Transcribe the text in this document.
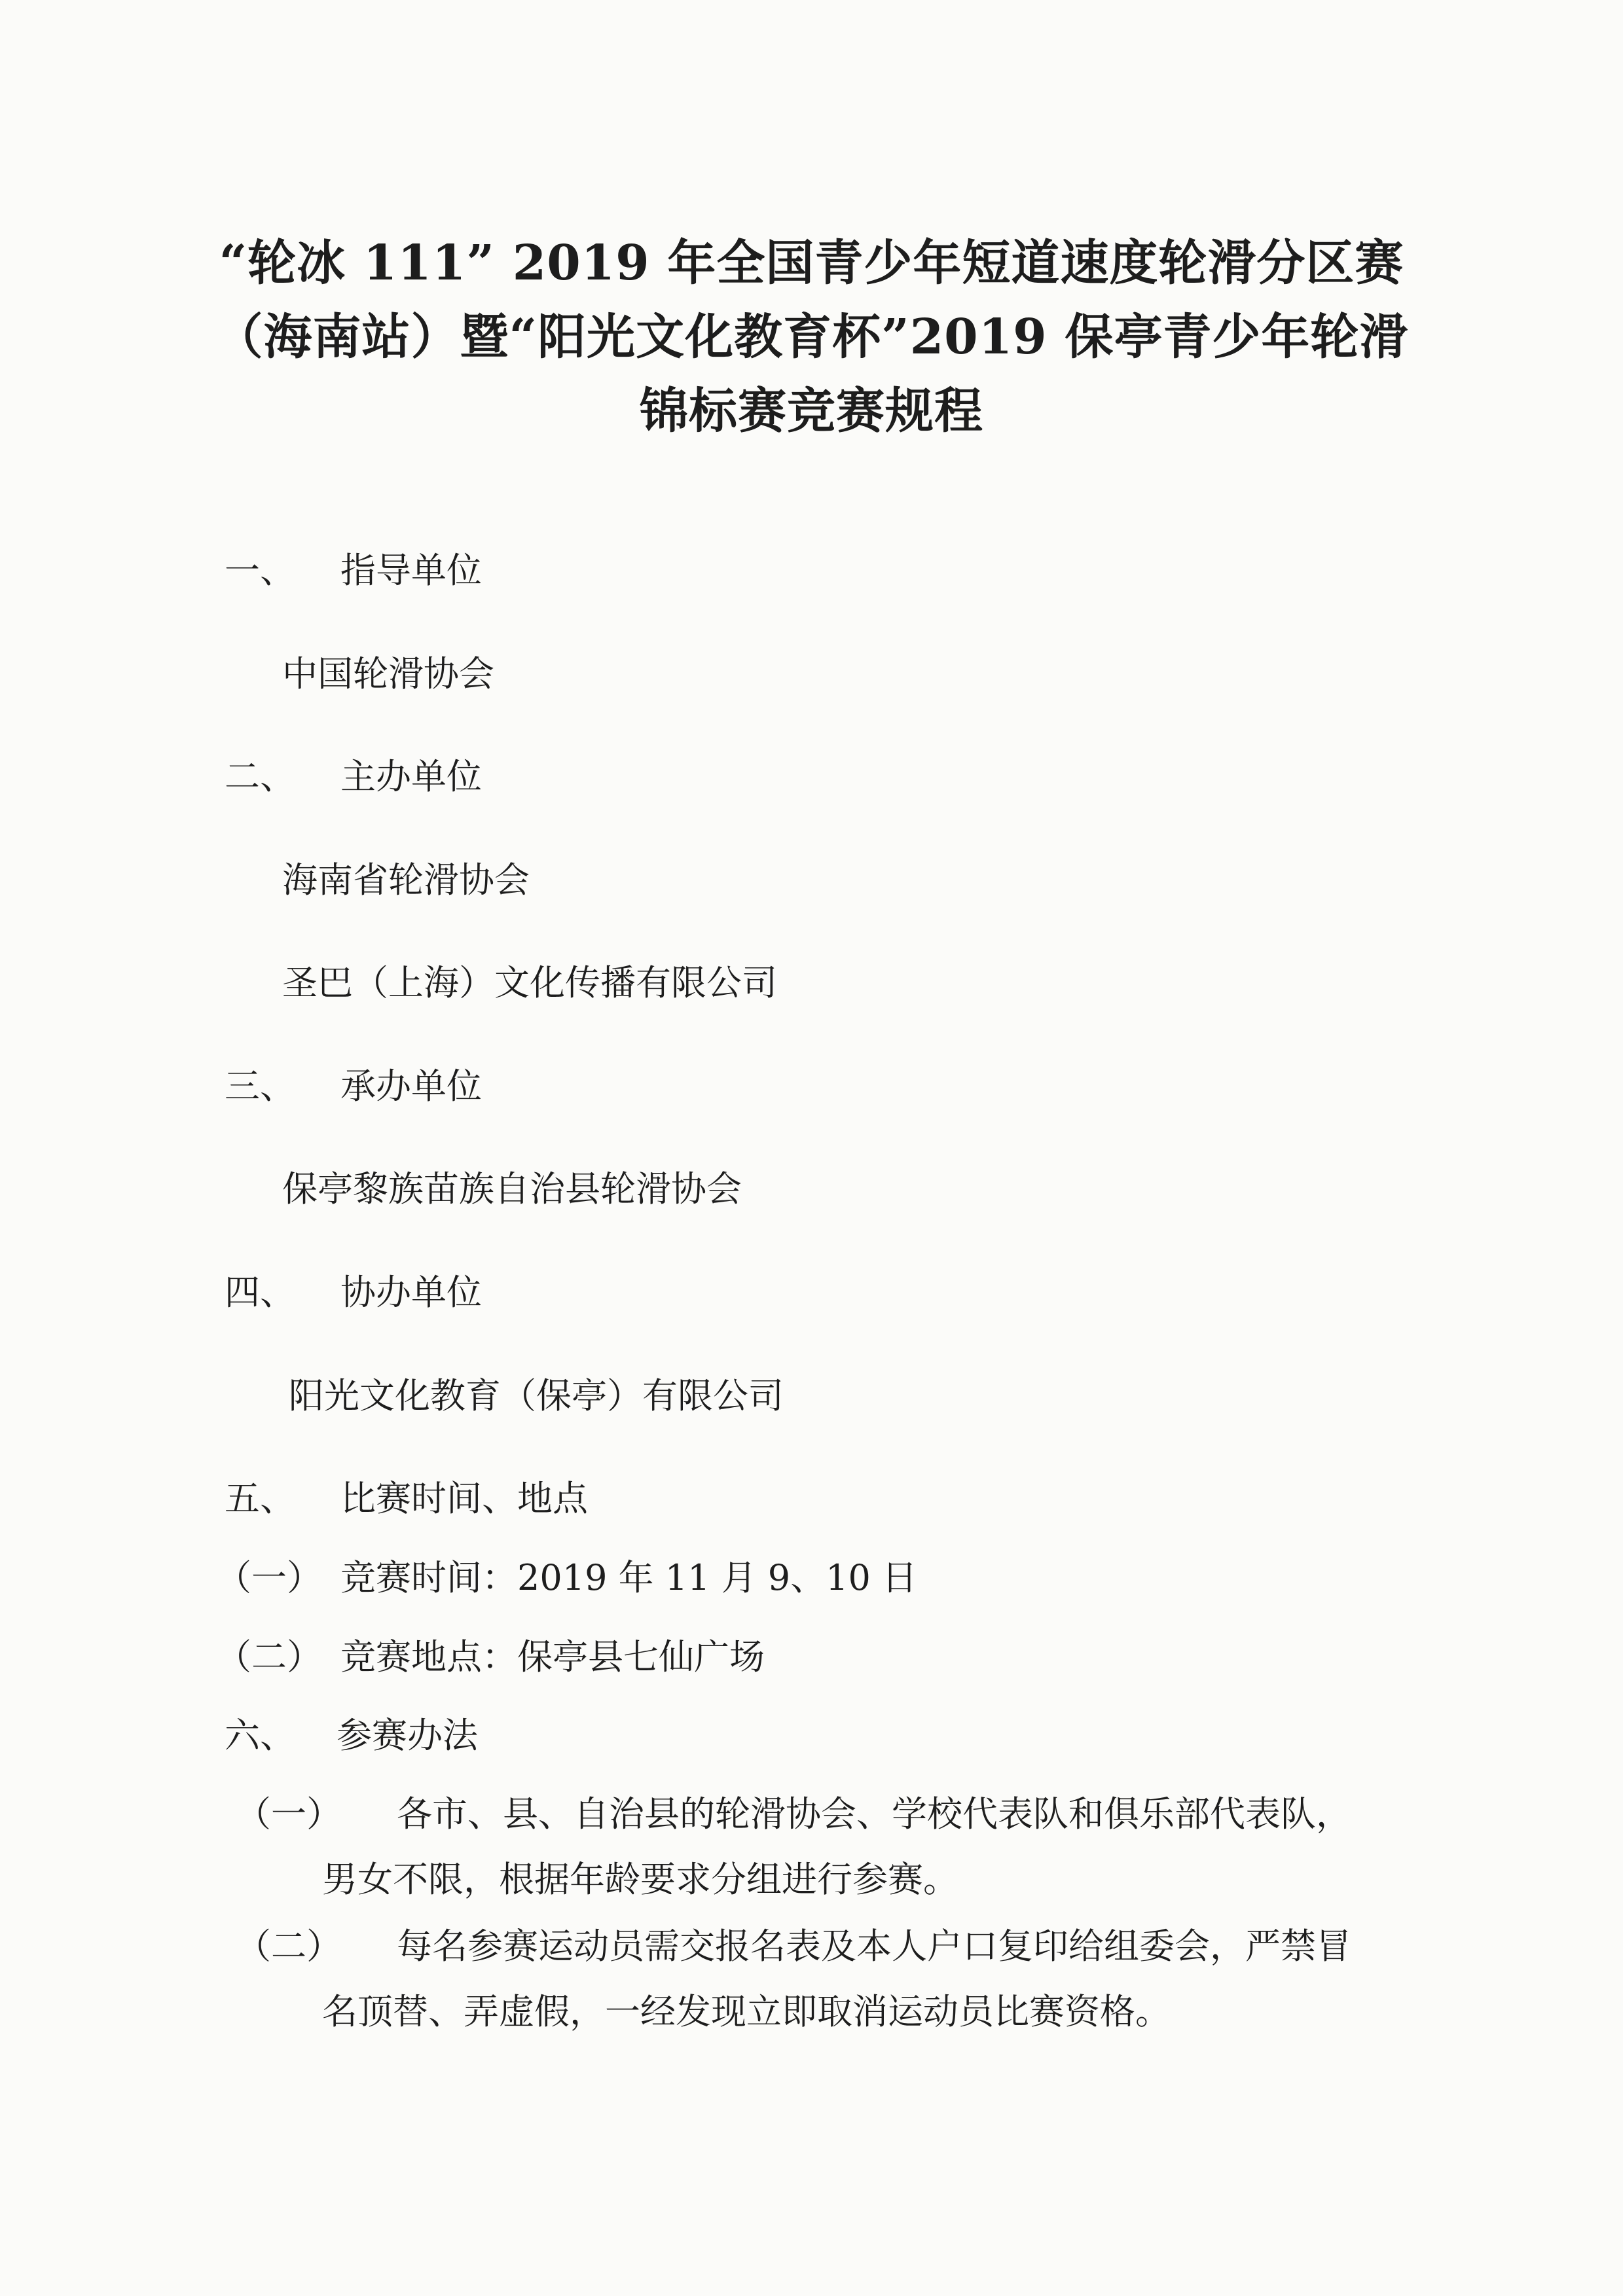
“轮冰 111” 2019 年全国青少年短道速度轮滑分区赛
（海南站）暨“阳光文化教育杯”2019 保亭青少年轮滑
锦标赛竞赛规程
一、 指导单位
中国轮滑协会
二、 主办单位
海南省轮滑协会
圣巴（上海）文化传播有限公司
三、 承办单位
保亭黎族苗族自治县轮滑协会
四、 协办单位
阳光文化教育（保亭）有限公司
五、 比赛时间、地点
（一） 竞赛时间：2019 年 11 月 9、10 日
（二） 竞赛地点：保亭县七仙广场
六、 参赛办法
（一） 各市、县、自治县的轮滑协会、学校代表队和俱乐部代表队，
男女不限，根据年龄要求分组进行参赛。
（二） 每名参赛运动员需交报名表及本人户口复印给组委会，严禁冒
名顶替、弄虚假，一经发现立即取消运动员比赛资格。
